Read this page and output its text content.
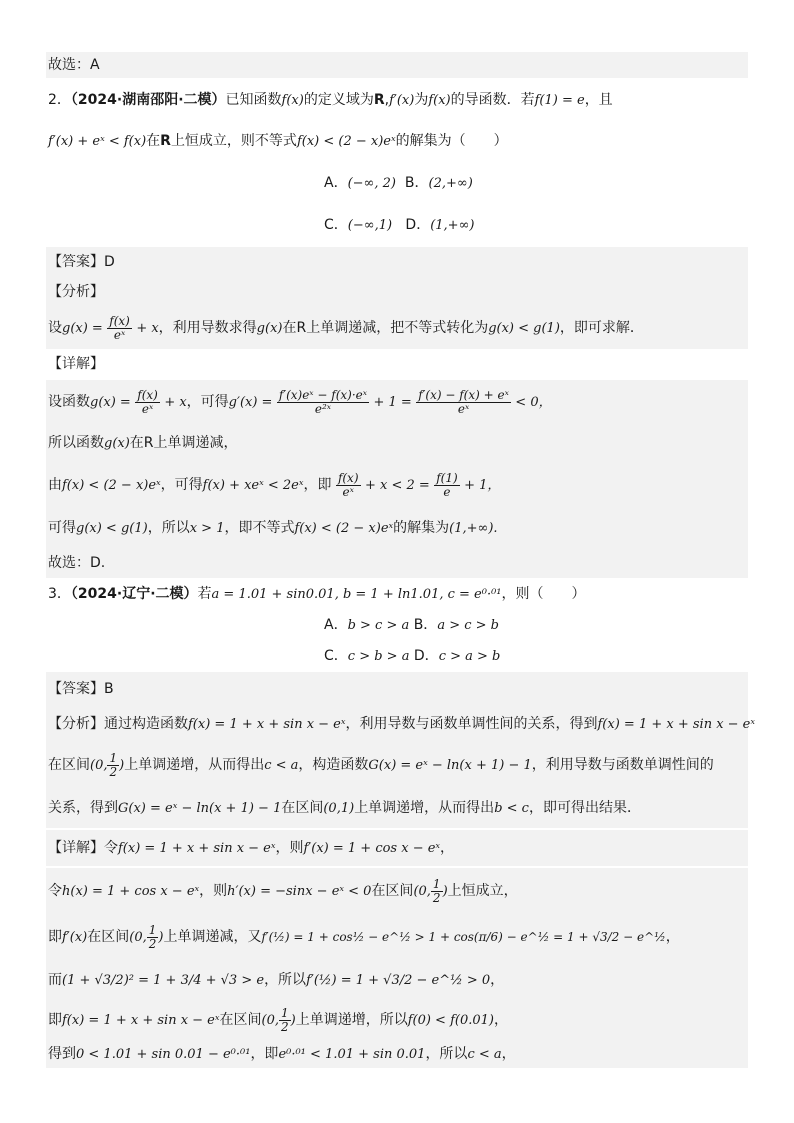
故选：A
2．（2024·湖南邵阳·二模）已知函数f(x)的定义域为R,f′(x)为f(x)的导函数．若f(1) = e，且
f′(x) + eˣ < f(x)在R上恒成立，则不等式f(x) < (2 − x)eˣ的解集为（　　）
A．(−∞, 2) B．(2,+∞)
C．(−∞,1) D．(1,+∞)
【答案】D
【分析】
设$g(x) = \frac{f(x)}{\text{eˣ}} + x$，利用导数求得g(x)在R上单调递减，把不等式转化为g(x) < g(1)，即可求解．
【详解】
设函数$g(x) = \frac{f(x)}{\text{eˣ}} + x$，可得$g'(x) = \frac{\text{f′(x)eˣ − f(x)·eˣ}}{\text{e²ˣ}} + 1 = \frac{\text{f′(x) − f(x) + eˣ}}{\text{eˣ}} < 0$，
所以函数g(x)在R上单调递减，
由f(x) < (2 − x)eˣ，可得f(x) + xeˣ < 2eˣ，即 $\frac{f(x)}{\text{eˣ}} + x < 2 = \frac{f(1)}{e} + 1$，
可得g(x) < g(1)，所以x > 1，即不等式f(x) < (2 − x)eˣ的解集为(1,+∞).
故选：D.
3．（2024·辽宁·二模）若a = 1.01 + sin0.01, b = 1 + ln1.01, c = e⁰·⁰¹，则（　　）
A．b > c > a B．a > c > b
C．c > b > a D．c > a > b
【答案】B
【分析】通过构造函数f(x) = 1 + x + sin x − eˣ，利用导数与函数单调性间的关系，得到f(x) = 1 + x + sin x − eˣ
在区间(0, $\frac{1}{2}$ )上单调递增，从而得出c < a，构造函数G(x) = eˣ − ln(x + 1) − 1，利用导数与函数单调性间的
关系，得到G(x) = eˣ − ln(x + 1) − 1在区间(0,1)上单调递增，从而得出b < c，即可得出结果．
【详解】令f(x) = 1 + x + sin x − eˣ，则f′(x) = 1 + cos x − eˣ，
令h(x) = 1 + cos x − eˣ，则h′(x) = −sinx − eˣ < 0在区间(0, $\frac{1}{2}$ )上恒成立，
即f′(x)在区间(0, $\frac{1}{2}$ )上单调递减，又f′(½) = 1 + cos½ − e^½ > 1 + cos(π/6) − e^½ = 1 + √3/2 − e^½，
而(1 + √3/2)² = 1 + 3/4 + √3 > e，所以f′(½) = 1 + √3/2 − e^½ > 0，
即f(x) = 1 + x + sin x − eˣ在区间(0, $\frac{1}{2}$ )上单调递增，所以f(0) < f(0.01)，
得到0 < 1.01 + sin 0.01 − e⁰·⁰¹，即e⁰·⁰¹ < 1.01 + sin 0.01，所以c < a，
